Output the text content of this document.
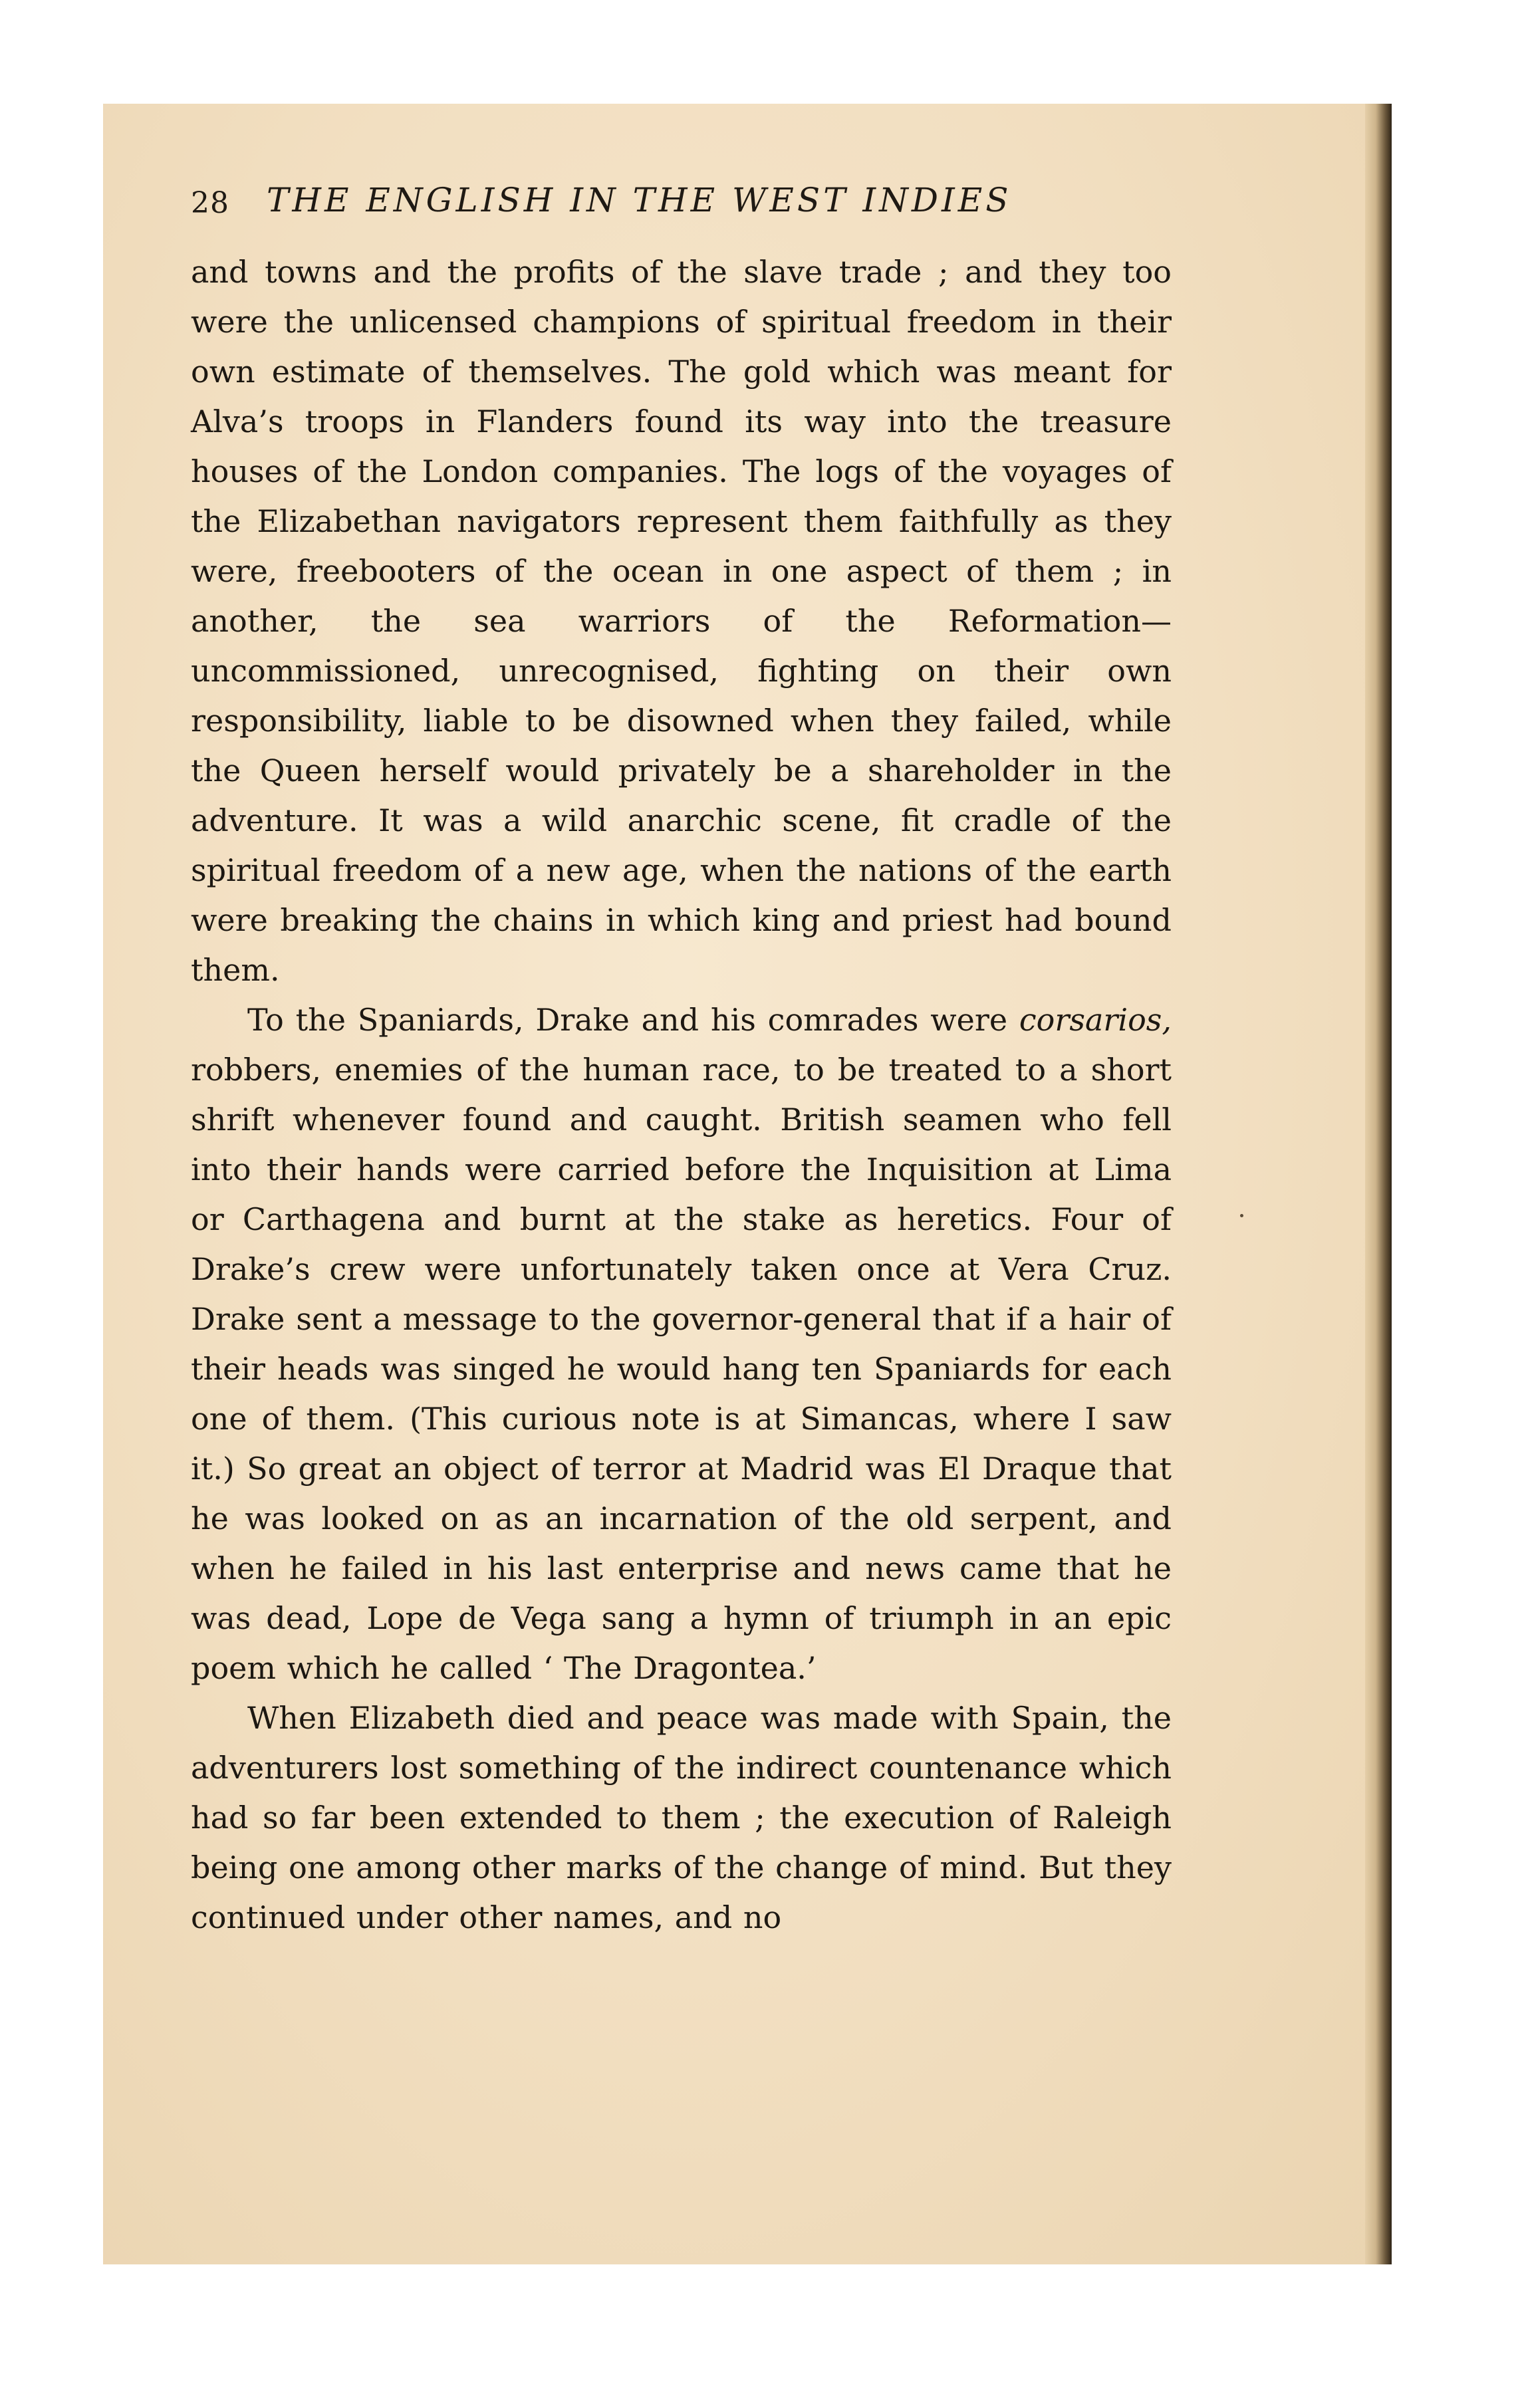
28 THE ENGLISH IN THE WEST INDIES

and towns and the profits of the slave trade ; and they too were the unlicensed champions of spiritual freedom in their own estimate of themselves. The gold which was meant for Alva’s troops in Flanders found its way into the treasure houses of the London companies. The logs of the voyages of the Elizabethan navigators represent them faithfully as they were, freebooters of the ocean in one aspect of them ; in another, the sea warriors of the Reformation—uncommissioned, unrecognised, fighting on their own responsibility, liable to be disowned when they failed, while the Queen herself would privately be a shareholder in the adventure. It was a wild anarchic scene, fit cradle of the spiritual freedom of a new age, when the nations of the earth were breaking the chains in which king and priest had bound them.

To the Spaniards, Drake and his comrades were corsarios, robbers, enemies of the human race, to be treated to a short shrift whenever found and caught. British seamen who fell into their hands were carried before the Inquisition at Lima or Carthagena and burnt at the stake as heretics. Four of Drake’s crew were unfortunately taken once at Vera Cruz. Drake sent a message to the governor-general that if a hair of their heads was singed he would hang ten Spaniards for each one of them. (This curious note is at Simancas, where I saw it.) So great an object of terror at Madrid was El Draque that he was looked on as an incarnation of the old serpent, and when he failed in his last enterprise and news came that he was dead, Lope de Vega sang a hymn of triumph in an epic poem which he called ‘ The Dragontea.’

When Elizabeth died and peace was made with Spain, the adventurers lost something of the indirect countenance which had so far been extended to them ; the execution of Raleigh being one among other marks of the change of mind. But they continued under other names, and no
